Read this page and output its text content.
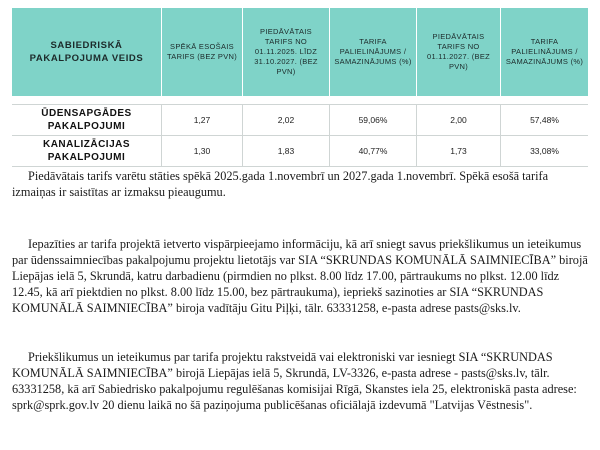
SABIEDRISKĀ PAKALPOJUMA VEIDS	SPĒKĀ ESOŠAIS TARIFS (BEZ PVN)	PIEDĀVĀTAIS TARIFS NO 01.11.2025. LĪDZ 31.10.2027. (BEZ PVN)	TARIFA PALIELINĀJUMS / SAMAZINĀJUMS (%)	PIEDĀVĀTAIS TARIFS NO 01.11.2027. (BEZ PVN)	TARIFA PALIELINĀJUMS / SAMAZINĀJUMS (%)

ŪDENSAPGĀDES PAKALPOJUMI	1,27	2,02	59,06%	2,00	57,48%
KANALIZĀCIJAS PAKALPOJUMI	1,30	1,83	40,77%	1,73	33,08%

Piedāvātais tarifs varētu stāties spēkā 2025.gada 1.novembrī un 2027.gada 1.novembrī. Spēkā esošā tarifa izmaiņas ir saistītas ar izmaksu pieaugumu.

Iepazīties ar tarifa projektā ietverto vispārpieejamo informāciju, kā arī sniegt savus priekšlikumus un ieteikumus par ūdenssaimniecības pakalpojumu projektu lietotājs var SIA “SKRUNDAS KOMUNĀLĀ SAIMNIECĪBA” birojā Liepājas ielā 5, Skrundā, katru darbadienu (pirmdien no plkst. 8.00 līdz 17.00, pārtraukums no plkst. 12.00 līdz 12.45, kā arī piektdien no plkst. 8.00 līdz 15.00, bez pārtraukuma), iepriekš sazinoties ar SIA “SKRUNDAS KOMUNĀLĀ SAIMNIECĪBA” biroja vadītāju Gitu Piļķi, tālr. 63331258, e-pasta adrese pasts@sks.lv.

Priekšlikumus un ieteikumus par tarifa projektu rakstveidā vai elektroniski var iesniegt SIA “SKRUNDAS KOMUNĀLĀ SAIMNIECĪBA” birojā Liepājas ielā 5, Skrundā, LV-3326, e-pasta adrese - pasts@sks.lv, tālr. 63331258, kā arī Sabiedrisko pakalpojumu regulēšanas komisijai Rīgā, Skanstes iela 25, elektroniskā pasta adrese: sprk@sprk.gov.lv 20 dienu laikā no šā paziņojuma publicēšanas oficiālajā izdevumā "Latvijas Vēstnesis".
